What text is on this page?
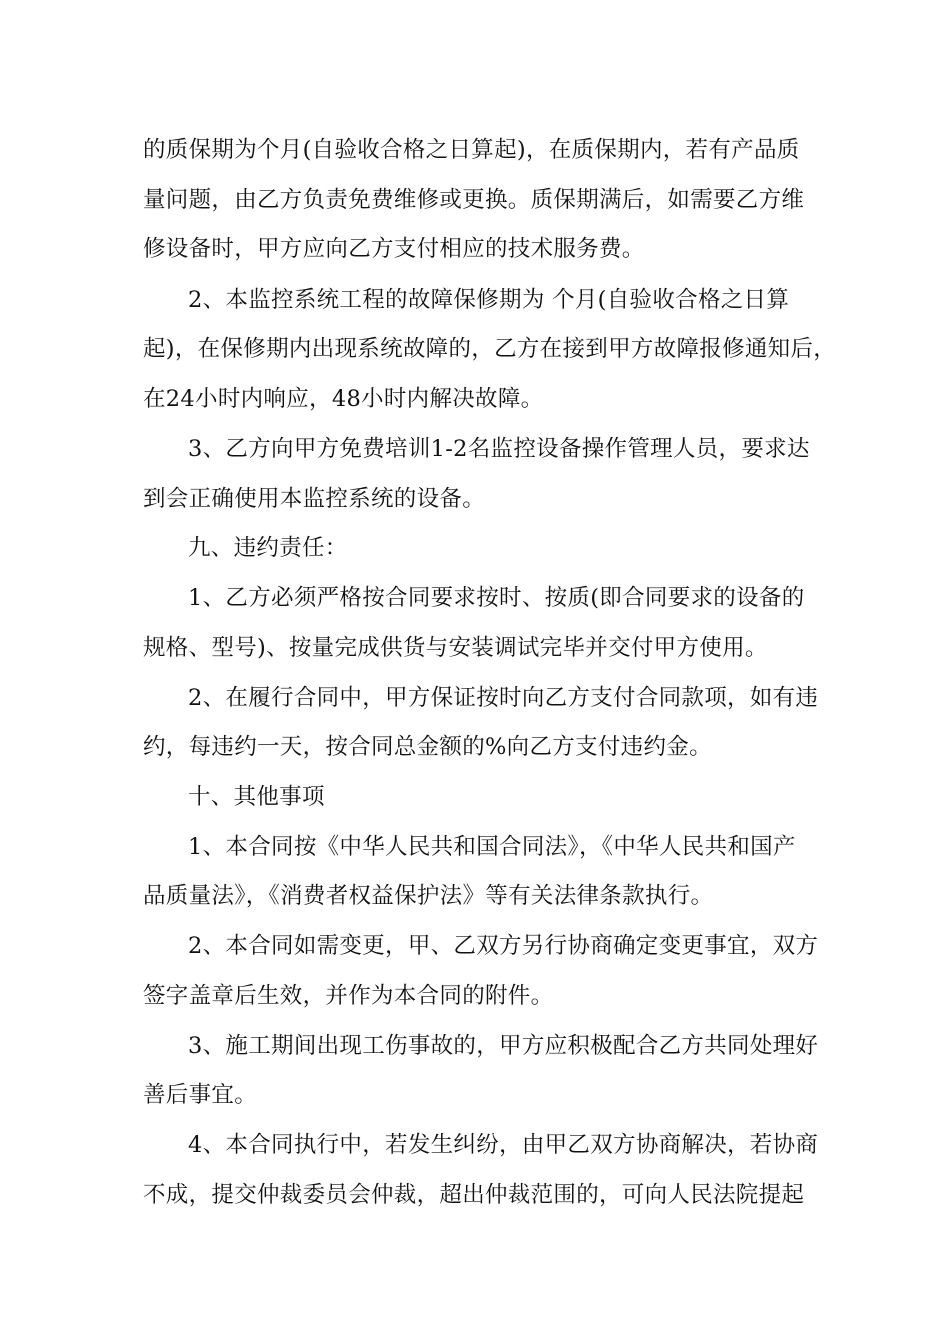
的质保期为个月(自验收合格之日算起)，在质保期内，若有产品质
量问题，由乙方负责免费维修或更换。质保期满后，如需要乙方维
修设备时，甲方应向乙方支付相应的技术服务费。
2、本监控系统工程的故障保修期为 个月(自验收合格之日算
起)，在保修期内出现系统故障的，乙方在接到甲方故障报修通知后，
在24小时内响应，48小时内解决故障。
3、乙方向甲方免费培训1-2名监控设备操作管理人员，要求达
到会正确使用本监控系统的设备。
九、违约责任：
1、乙方必须严格按合同要求按时、按质(即合同要求的设备的
规格、型号)、按量完成供货与安装调试完毕并交付甲方使用。
2、在履行合同中，甲方保证按时向乙方支付合同款项，如有违
约，每违约一天，按合同总金额的%向乙方支付违约金。
十、其他事项
1、本合同按《中华人民共和国合同法》，《中华人民共和国产
品质量法》，《消费者权益保护法》等有关法律条款执行。
2、本合同如需变更，甲、乙双方另行协商确定变更事宜，双方
签字盖章后生效，并作为本合同的附件。
3、施工期间出现工伤事故的，甲方应积极配合乙方共同处理好
善后事宜。
4、本合同执行中，若发生纠纷，由甲乙双方协商解决，若协商
不成，提交仲裁委员会仲裁，超出仲裁范围的，可向人民法院提起
